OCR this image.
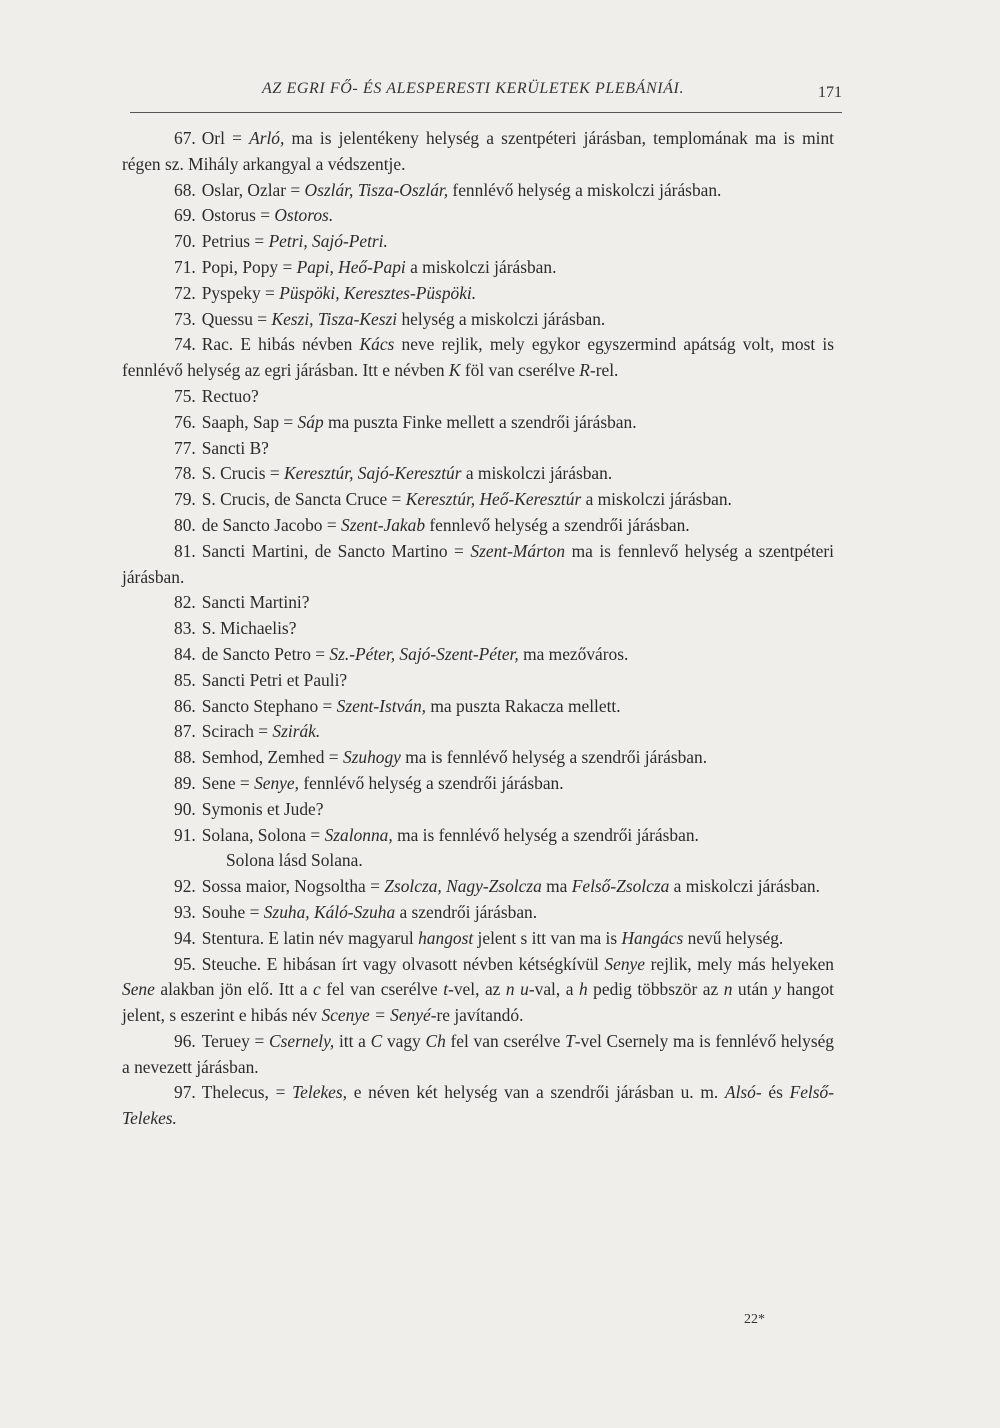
AZ EGRI FŐ- ÉS ALESPERESTI KERÜLETEK PLEBÁNIÁI.	171

67. Orl = Arló, ma is jelentékeny helység a szentpéteri járásban, templomának ma is mint régen sz. Mihály arkangyal a védszentje.

68. Oslar, Ozlar = Oszlár, Tisza-Oszlár, fennlévő helység a miskolczi járásban.

69. Ostorus = Ostoros.

70. Petrius = Petri, Sajó-Petri.

71. Popi, Popy = Papi, Heő-Papi a miskolczi járásban.

72. Pyspeky = Püspöki, Keresztes-Püspöki.

73. Quessu = Keszi, Tisza-Keszi helység a miskolczi járásban.

74. Rac. E hibás névben Kács neve rejlik, mely egykor egyszermind apátság volt, most is fennlévő helység az egri járásban. Itt e névben K föl van cserélve R-rel.

75. Rectuo?

76. Saaph, Sap = Sáp ma puszta Finke mellett a szendrői járásban.

77. Sancti B?

78. S. Crucis = Keresztúr, Sajó-Keresztúr a miskolczi járásban.

79. S. Crucis, de Sancta Cruce = Keresztúr, Heő-Keresztúr a miskolczi járásban.

80. de Sancto Jacobo = Szent-Jakab fennlevő helység a szendrői járásban.

81. Sancti Martini, de Sancto Martino = Szent-Márton ma is fennlevő helység a szentpéteri járásban.

82. Sancti Martini?

83. S. Michaelis?

84. de Sancto Petro = Sz.-Péter, Sajó-Szent-Péter, ma mezőváros.

85. Sancti Petri et Pauli?

86. Sancto Stephano = Szent-István, ma puszta Rakacza mellett.

87. Scirach = Szirák.

88. Semhod, Zemhed = Szuhogy ma is fennlévő helység a szendrői járásban.

89. Sene = Senye, fennlévő helység a szendrői járásban.

90. Symonis et Jude?

91. Solana, Solona = Szalonna, ma is fennlévő helység a szendrői járásban.

Solona lásd Solana.

92. Sossa maior, Nogsoltha = Zsolcza, Nagy-Zsolcza ma Felső-Zsolcza a miskolczi járásban.

93. Souhe = Szuha, Káló-Szuha a szendrői járásban.

94. Stentura. E latin név magyarul hangost jelent s itt van ma is Hangács nevű helység.

95. Steuche. E hibásan írt vagy olvasott névben kétségkívül Senye rejlik, mely más helyeken Sene alakban jön elő. Itt a c fel van cserélve t-vel, az n u-val, a h pedig többször az n után y hangot jelent, s eszerint e hibás név Scenye = Senyé-re javítandó.

96. Teruey = Csernely, itt a C vagy Ch fel van cserélve T-vel Csernely ma is fennlévő helység a nevezett járásban.

97. Thelecus, = Telekes, e néven két helység van a szendrői járásban u. m. Alsó- és Felső-Telekes.

22*
